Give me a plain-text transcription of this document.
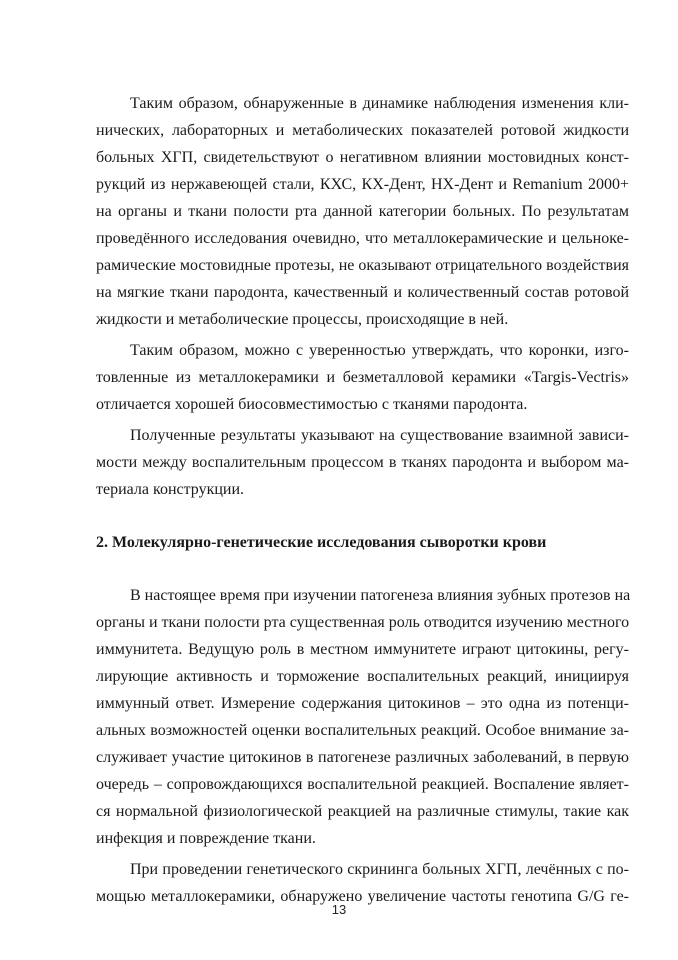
Таким образом, обнаруженные в динамике наблюдения изменения кли-
нических, лабораторных и метаболических показателей ротовой жидкости
больных ХГП, свидетельствуют о негативном влиянии мостовидных конст-
рукций из нержавеющей стали, КХС, КХ-Дент, НХ-Дент и Remanium 2000+
на органы и ткани полости рта данной категории больных. По результатам
проведённого исследования очевидно, что металлокерамические и цельноке-
рамические мостовидные протезы, не оказывают отрицательного воздействия
на мягкие ткани пародонта, качественный и количественный состав ротовой
жидкости и метаболические процессы, происходящие в ней.
Таким образом, можно с уверенностью утверждать, что коронки, изго-
товленные из металлокерамики и безметалловой керамики «Targis-Vectris»
отличается хорошей биосовместимостью с тканями пародонта.
Полученные результаты указывают на существование взаимной зависи-
мости между воспалительным процессом в тканях пародонта и выбором ма-
териала конструкции.
2. Молекулярно-генетические исследования сыворотки крови
В настоящее время при изучении патогенеза влияния зубных протезов на
органы и ткани полости рта существенная роль отводится изучению местного
иммунитета. Ведущую роль в местном иммунитете играют цитокины, регу-
лирующие активность и торможение воспалительных реакций, инициируя
иммунный ответ. Измерение содержания цитокинов – это одна из потенци-
альных возможностей оценки воспалительных реакций. Особое внимание за-
служивает участие цитокинов в патогенезе различных заболеваний, в первую
очередь – сопровождающихся воспалительной реакцией. Воспаление являет-
ся нормальной физиологической реакцией на различные стимулы, такие как
инфекция и повреждение ткани.
При проведении генетического скрининга больных ХГП, лечённых с по-
мощью металлокерамики, обнаружено увеличение частоты генотипа G/G ге-
13
